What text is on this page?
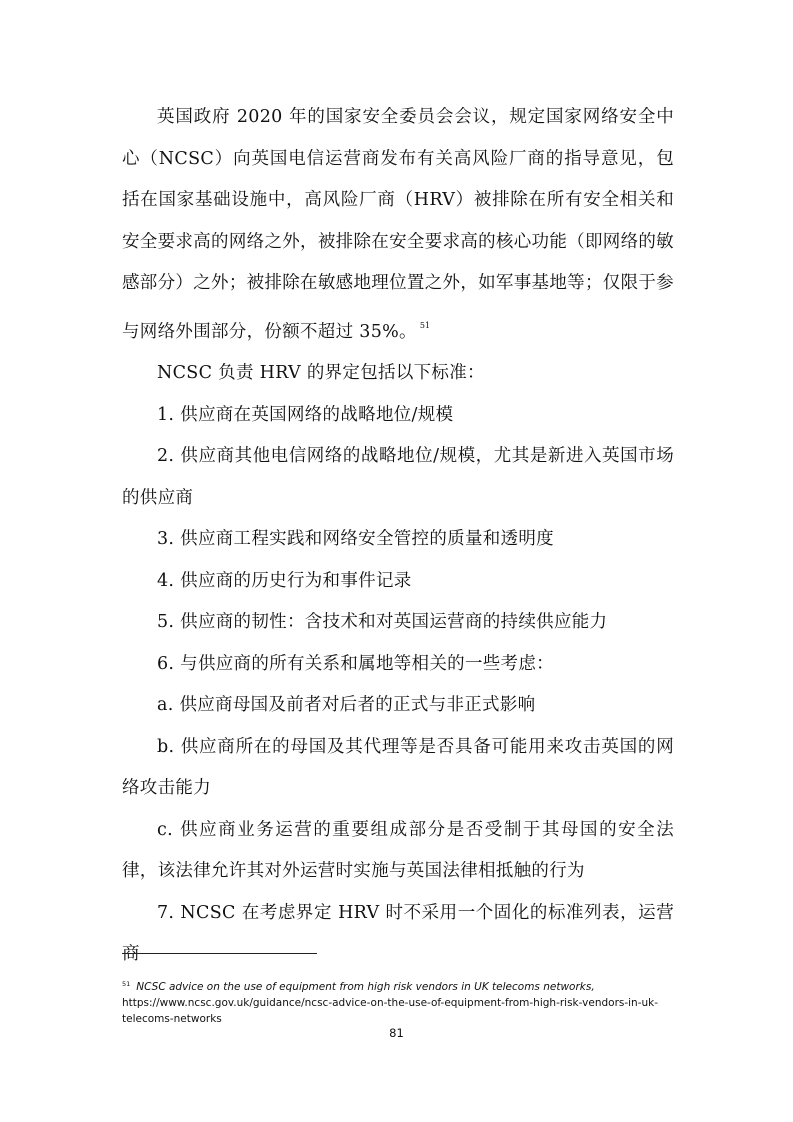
英国政府 2020 年的国家安全委员会会议，规定国家网络安全中心（NCSC）向英国电信运营商发布有关高风险厂商的指导意见，包括在国家基础设施中，高风险厂商（HRV）被排除在所有安全相关和安全要求高的网络之外，被排除在安全要求高的核心功能（即网络的敏感部分）之外；被排除在敏感地理位置之外，如军事基地等；仅限于参与网络外围部分，份额不超过 35%。 $^{51}$

NCSC 负责 HRV 的界定包括以下标准：

1. 供应商在英国网络的战略地位/规模

2. 供应商其他电信网络的战略地位/规模，尤其是新进入英国市场的供应商

3. 供应商工程实践和网络安全管控的质量和透明度

4. 供应商的历史行为和事件记录

5. 供应商的韧性：含技术和对英国运营商的持续供应能力

6. 与供应商的所有关系和属地等相关的一些考虑：

a. 供应商母国及前者对后者的正式与非正式影响

b. 供应商所在的母国及其代理等是否具备可能用来攻击英国的网络攻击能力

c. 供应商业务运营的重要组成部分是否受制于其母国的安全法律，该法律允许其对外运营时实施与英国法律相抵触的行为

7. NCSC 在考虑界定 HRV 时不采用一个固化的标准列表，运营商

$^{51}$ NCSC advice on the use of equipment from high risk vendors in UK telecoms networks,
https://www.ncsc.gov.uk/guidance/ncsc-advice-on-the-use-of-equipment-from-high-risk-vendors-in-uk-telecoms-networks
81
